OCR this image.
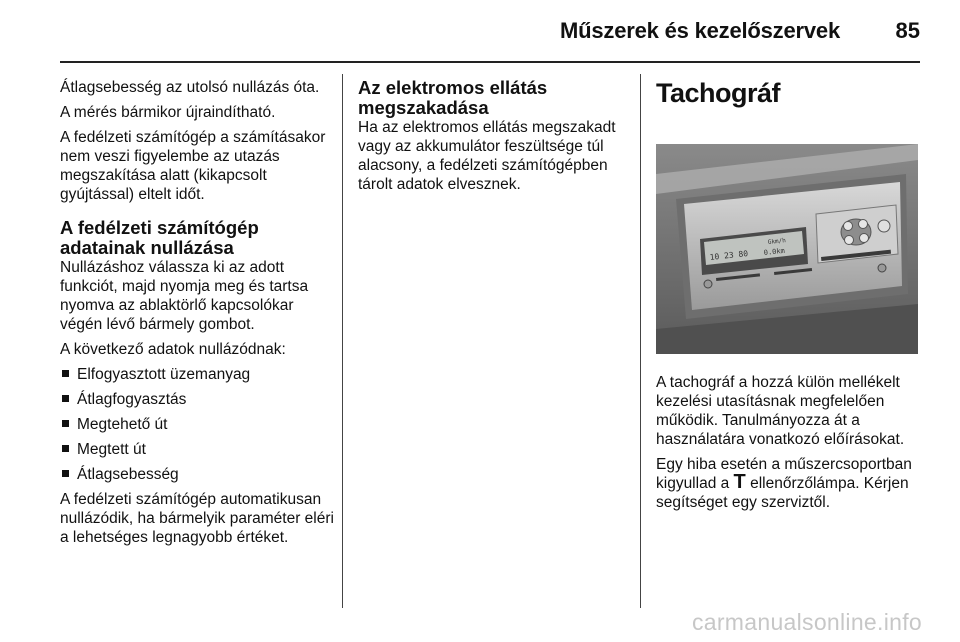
Műszerek és kezelőszervek	85

Átlagsebesség az utolsó nullázás óta.

A mérés bármikor újraindítható.

A fedélzeti számítógép a számításakor nem veszi figyelembe az utazás megszakítása alatt (kikapcsolt gyújtással) eltelt időt.

A fedélzeti számítógép adatainak nullázása

Nullázáshoz válassza ki az adott funkciót, majd nyomja meg és tartsa nyomva az ablaktörlő kapcsolókar végén lévő bármely gombot.

A következő adatok nullázódnak:

Elfogyasztott üzemanyag
Átlagfogyasztás
Megtehető út
Megtett út
Átlagsebesség

A fedélzeti számítógép automatikusan nullázódik, ha bármelyik paraméter eléri a lehetséges legnagyobb értéket.

Az elektromos ellátás megszakadása

Ha az elektromos ellátás megszakadt vagy az akkumulátor feszültsége túl alacsony, a fedélzeti számítógépben tárolt adatok elvesznek.

Tachográf
10 23 80
Gkm/h
0.0km

A tachográf a hozzá külön mellékelt kezelési utasításnak megfelelően működik. Tanulmányozza át a használatára vonatkozó előírásokat.

Egy hiba esetén a műszercsoportban kigyullad a T ellenőrzőlámpa. Kérjen segítséget egy szerviztől.

carmanualsonline.info
